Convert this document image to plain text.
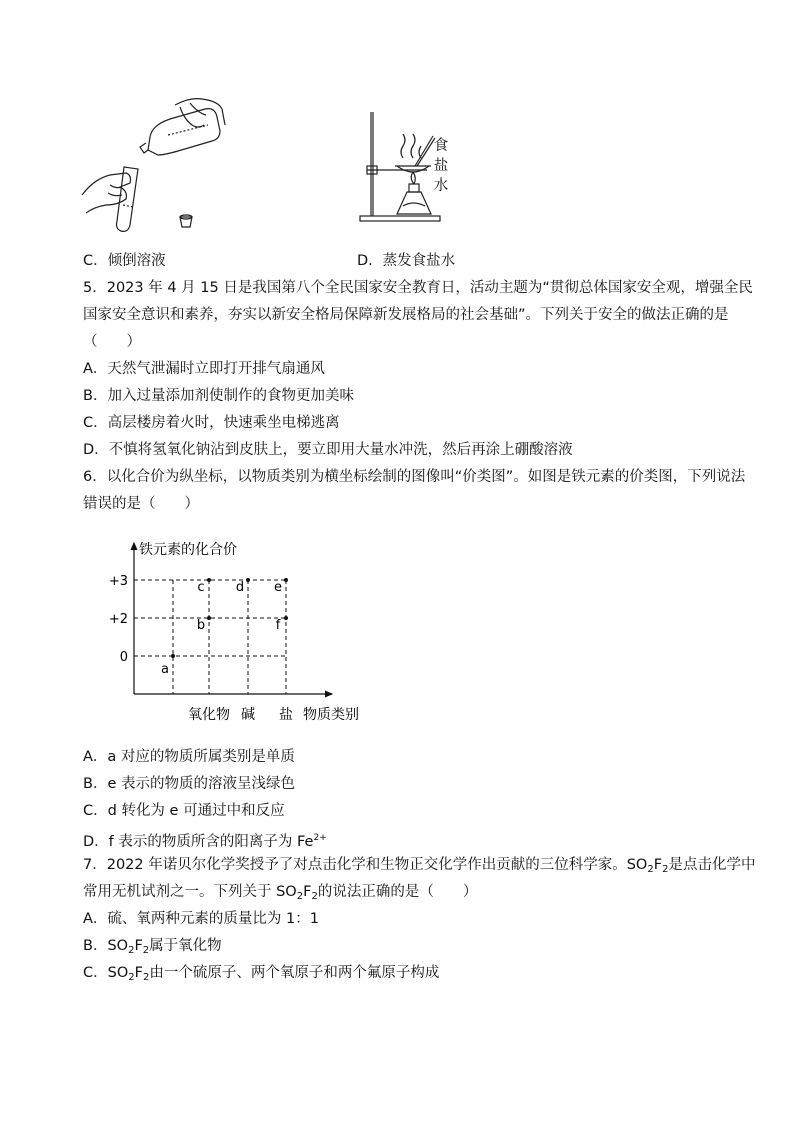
食
盐
水
C．倾倒溶液	D．蒸发食盐水
5．2023 年 4 月 15 日是我国第八个全民国家安全教育日，活动主题为“贯彻总体国家安全观，增强全民
国家安全意识和素养，夯实以新安全格局保障新发展格局的社会基础”。下列关于安全的做法正确的是
（　　）
A．天然气泄漏时立即打开排气扇通风
B．加入过量添加剂使制作的食物更加美味
C．高层楼房着火时，快速乘坐电梯逃离
D．不慎将氢氧化钠沾到皮肤上，要立即用大量水冲洗，然后再涂上硼酸溶液
6．以化合价为纵坐标，以物质类别为横坐标绘制的图像叫“价类图”。如图是铁元素的价类图，下列说法
错误的是（　　）
铁元素的化合价
物质类别
+3
+2
0
氧化物 碱 盐
a
b
c d e
f
A．a 对应的物质所属类别是单质
B．e 表示的物质的溶液呈浅绿色
C．d 转化为 e 可通过中和反应
D．f 表示的物质所含的阳离子为 $Fe^{2+}$
7．2022 年诺贝尔化学奖授予了对点击化学和生物正交化学作出贡献的三位科学家。$SO_2F_2$是点击化学中
常用无机试剂之一。下列关于 $SO_2F_2$的说法正确的是（　　）
A．硫、氧两种元素的质量比为 1：1
B．$SO_2F_2$属于氧化物
C．$SO_2F_2$由一个硫原子、两个氧原子和两个氟原子构成
